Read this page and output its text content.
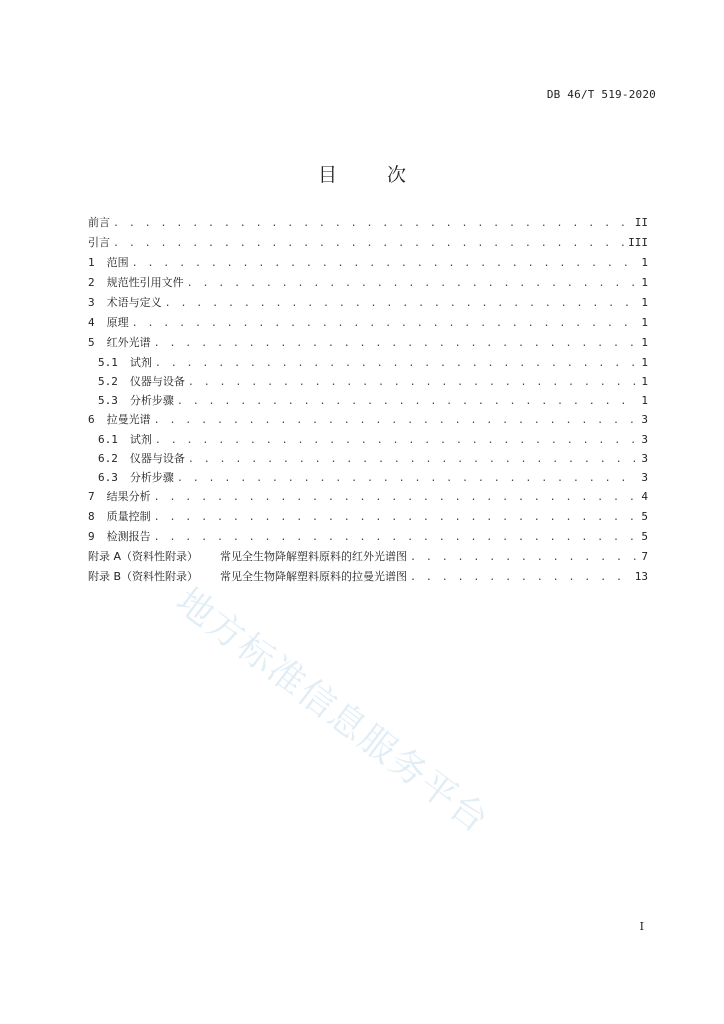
DB 46/T 519-2020
目 次
前言 . . .	II
引言 . . .	III
1 范围 . . .	1
2 规范性引用文件 . . .	1
3 术语与定义 . . .	1
4 原理 . . .	1
5 红外光谱 . . .	1
5.1 试剂 . . .	1
5.2 仪器与设备 . . .	1
5.3 分析步骤 . . .	1
6 拉曼光谱 . . .	3
6.1 试剂 . . .	3
6.2 仪器与设备 . . .	3
6.3 分析步骤 . . .	3
7 结果分析 . . .	4
8 质量控制 . . .	5
9 检测报告 . . .	5
附录 A（资料性附录） 常见全生物降解塑料原料的红外光谱图 . . .	7
附录 B（资料性附录） 常见全生物降解塑料原料的拉曼光谱图 . . .	13
地方标准信息服务平台
I
